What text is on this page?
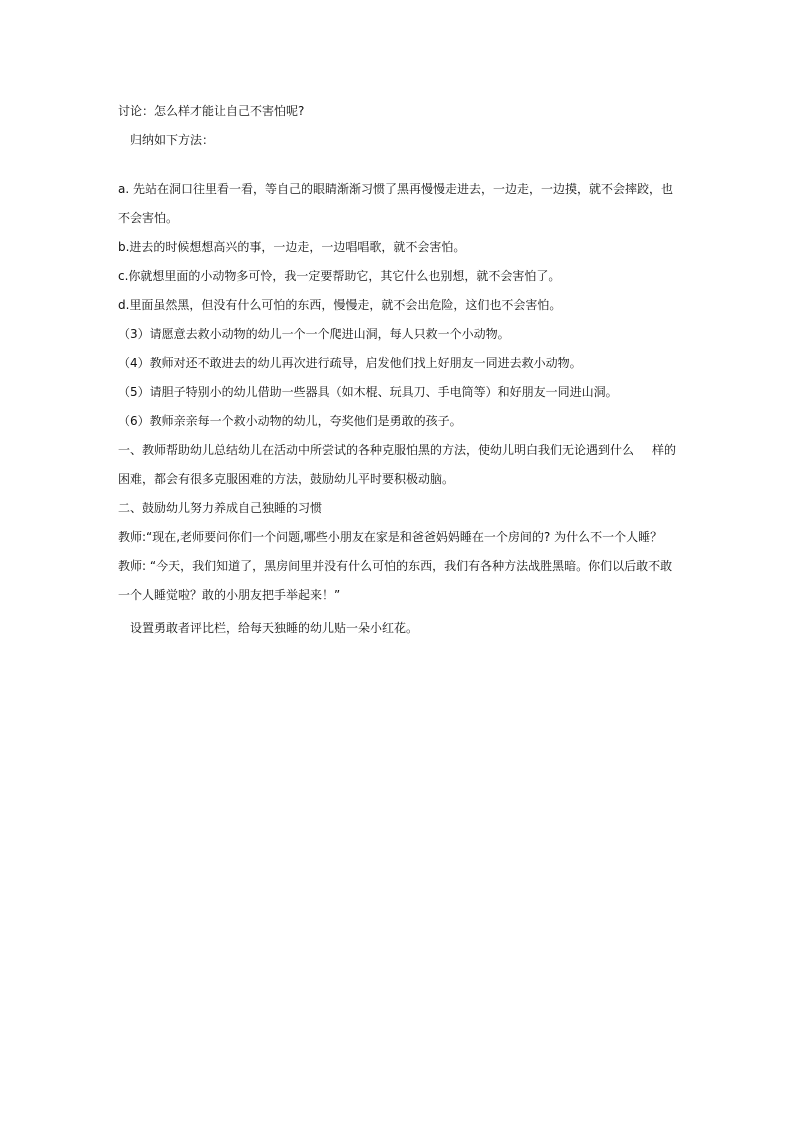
讨论：怎么样才能让自己不害怕呢?
归纳如下方法：
a. 先站在洞口往里看一看，等自己的眼睛渐渐习惯了黑再慢慢走进去，一边走，一边摸，就不会摔跤，也
不会害怕。
b.进去的时候想想高兴的事，一边走，一边唱唱歌，就不会害怕。
c.你就想里面的小动物多可怜，我一定要帮助它，其它什么也别想，就不会害怕了。
d.里面虽然黑，但没有什么可怕的东西，慢慢走，就不会出危险，这们也不会害怕。
（3）请愿意去救小动物的幼儿一个一个爬进山洞，每人只救一个小动物。
（4）教师对还不敢进去的幼儿再次进行疏导，启发他们找上好朋友一同进去救小动物。
（5）请胆子特别小的幼儿借助一些器具（如木棍、玩具刀、手电筒等）和好朋友一同进山洞。
（6）教师亲亲每一个救小动物的幼儿，夸奖他们是勇敢的孩子。
一、教师帮助幼儿总结幼儿在活动中所尝试的各种克服怕黑的方法，使幼儿明白我们无论遇到什么 样的
困难，都会有很多克服困难的方法，鼓励幼儿平时要积极动脑。
二、鼓励幼儿努力养成自己独睡的习惯
教师:“现在,老师要问你们一个问题,哪些小朋友在家是和爸爸妈妈睡在一个房间的? 为什么不一个人睡？
教师: “今天，我们知道了，黑房间里并没有什么可怕的东西，我们有各种方法战胜黑暗。你们以后敢不敢
一个人睡觉啦？敢的小朋友把手举起来！”
设置勇敢者评比栏，给每天独睡的幼儿贴一朵小红花。
